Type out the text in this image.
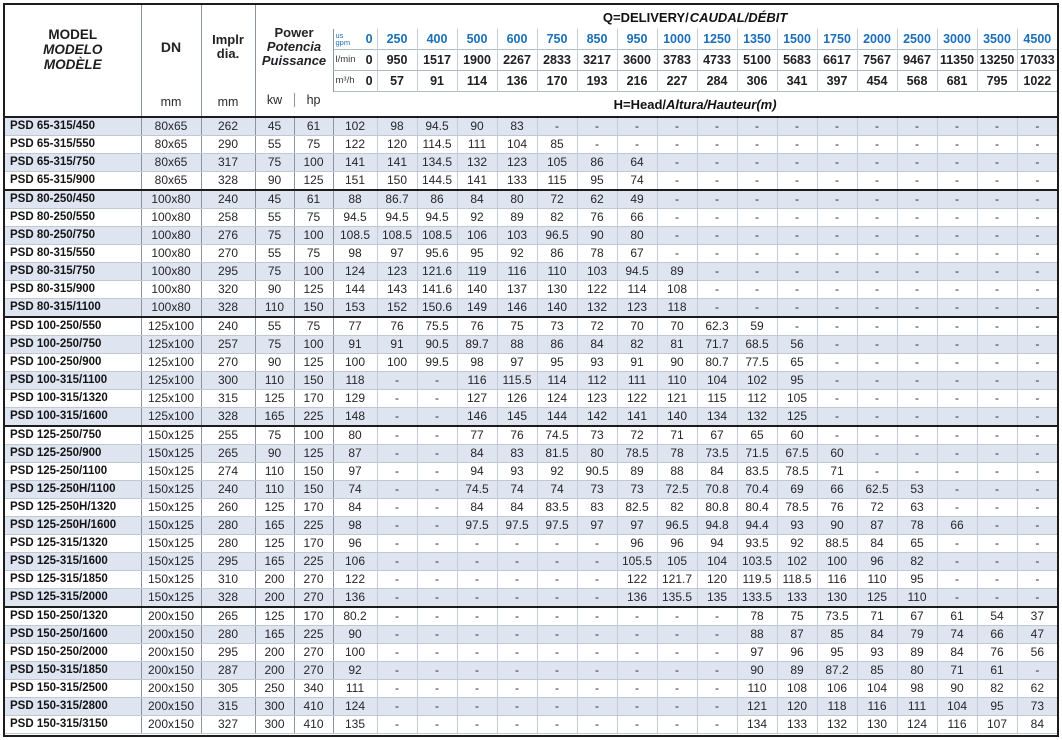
MODEL
MODELO
MODÈLE

DN
mm

Implr
dia.
mm

Power
Potencia
Puissance
kw	hp
	Q=DELIVERY/CAUDAL/DÉBIT

					us
gpm 0	250	400	500	600	750	850	950	1000	1250	1350	1500	1750	2000	2500	3000	3500	4500

					l/min 0	950	1517	1900	2267	2833	3217	3600	3783	4733	5100	5683	6617	7567	9467	11350	13250	17033

					m³/h 0	57	91	114	136	170	193	216	227	284	306	341	397	454	568	681	795	1022
					H=Head/Altura/Hauteur(m)																	
PSD 65-315/450	80x65	262	45	61	102	98	94.5	90	83	-	-	-	-	-	-	-	-	-	-	-	-	-
PSD 65-315/550	80x65	290	55	75	122	120	114.5	111	104	85	-	-	-	-	-	-	-	-	-	-	-	-
PSD 65-315/750	80x65	317	75	100	141	141	134.5	132	123	105	86	64	-	-	-	-	-	-	-	-	-	-
PSD 65-315/900	80x65	328	90	125	151	150	144.5	141	133	115	95	74	-	-	-	-	-	-	-	-	-	-
PSD 80-250/450	100x80	240	45	61	88	86.7	86	84	80	72	62	49	-	-	-	-	-	-	-	-	-	-
PSD 80-250/550	100x80	258	55	75	94.5	94.5	94.5	92	89	82	76	66	-	-	-	-	-	-	-	-	-	-
PSD 80-250/750	100x80	276	75	100	108.5	108.5	108.5	106	103	96.5	90	80	-	-	-	-	-	-	-	-	-	-
PSD 80-315/550	100x80	270	55	75	98	97	95.6	95	92	86	78	67	-	-	-	-	-	-	-	-	-	-
PSD 80-315/750	100x80	295	75	100	124	123	121.6	119	116	110	103	94.5	89	-	-	-	-	-	-	-	-	-
PSD 80-315/900	100x80	320	90	125	144	143	141.6	140	137	130	122	114	108	-	-	-	-	-	-	-	-	-
PSD 80-315/1100	100x80	328	110	150	153	152	150.6	149	146	140	132	123	118	-	-	-	-	-	-	-	-	-
PSD 100-250/550	125x100	240	55	75	77	76	75.5	76	75	73	72	70	70	62.3	59	-	-	-	-	-	-	-
PSD 100-250/750	125x100	257	75	100	91	91	90.5	89.7	88	86	84	82	81	71.7	68.5	56	-	-	-	-	-	-
PSD 100-250/900	125x100	270	90	125	100	100	99.5	98	97	95	93	91	90	80.7	77.5	65	-	-	-	-	-	-
PSD 100-315/1100	125x100	300	110	150	118	-	-	116	115.5	114	112	111	110	104	102	95	-	-	-	-	-	-
PSD 100-315/1320	125x100	315	125	170	129	-	-	127	126	124	123	122	121	115	112	105	-	-	-	-	-	-
PSD 100-315/1600	125x100	328	165	225	148	-	-	146	145	144	142	141	140	134	132	125	-	-	-	-	-	-
PSD 125-250/750	150x125	255	75	100	80	-	-	77	76	74.5	73	72	71	67	65	60	-	-	-	-	-	-
PSD 125-250/900	150x125	265	90	125	87	-	-	84	83	81.5	80	78.5	78	73.5	71.5	67.5	60	-	-	-	-	-
PSD 125-250/1100	150x125	274	110	150	97	-	-	94	93	92	90.5	89	88	84	83.5	78.5	71	-	-	-	-	-
PSD 125-250H/1100	150x125	240	110	150	74	-	-	74.5	74	74	73	73	72.5	70.8	70.4	69	66	62.5	53	-	-	-
PSD 125-250H/1320	150x125	260	125	170	84	-	-	84	84	83.5	83	82.5	82	80.8	80.4	78.5	76	72	63	-	-	-
PSD 125-250H/1600	150x125	280	165	225	98	-	-	97.5	97.5	97.5	97	97	96.5	94.8	94.4	93	90	87	78	66	-	-
PSD 125-315/1320	150x125	280	125	170	96	-	-	-	-	-	-	96	96	94	93.5	92	88.5	84	65	-	-	-
PSD 125-315/1600	150x125	295	165	225	106	-	-	-	-	-	-	105.5	105	104	103.5	102	100	96	82	-	-	-
PSD 125-315/1850	150x125	310	200	270	122	-	-	-	-	-	-	122	121.7	120	119.5	118.5	116	110	95	-	-	-
PSD 125-315/2000	150x125	328	200	270	136	-	-	-	-	-	-	136	135.5	135	133.5	133	130	125	110	-	-	-
PSD 150-250/1320	200x150	265	125	170	80.2	-	-	-	-	-	-	-	-	-	78	75	73.5	71	67	61	54	37
PSD 150-250/1600	200x150	280	165	225	90	-	-	-	-	-	-	-	-	-	88	87	85	84	79	74	66	47
PSD 150-250/2000	200x150	295	200	270	100	-	-	-	-	-	-	-	-	-	97	96	95	93	89	84	76	56
PSD 150-315/1850	200x150	287	200	270	92	-	-	-	-	-	-	-	-	-	90	89	87.2	85	80	71	61	-
PSD 150-315/2500	200x150	305	250	340	111	-	-	-	-	-	-	-	-	-	110	108	106	104	98	90	82	62
PSD 150-315/2800	200x150	315	300	410	124	-	-	-	-	-	-	-	-	-	121	120	118	116	111	104	95	73
PSD 150-315/3150	200x150	327	300	410	135	-	-	-	-	-	-	-	-	-	134	133	132	130	124	116	107	84
